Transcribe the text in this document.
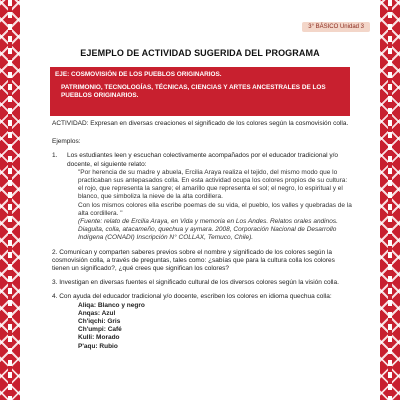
3° BÁSICO Unidad 3
EJEMPLO DE ACTIVIDAD SUGERIDA DEL PROGRAMA

EJE: COSMOVISIÓN DE LOS PUEBLOS ORIGINARIOS.

PATRIMONIO, TECNOLOGÍAS, TÉCNICAS, CIENCIAS Y ARTES ANCESTRALES DE LOS PUEBLOS ORIGINARIOS.

ACTIVIDAD: Expresan en diversas creaciones el significado de los colores según la cosmovisión colla.

Ejemplos:

1. Los estudiantes leen y escuchan colectivamente acompañados por el educador tradicional y/o docente, el siguiente relato:

"Por herencia de su madre y abuela, Ercilia Araya realiza el tejido, del mismo modo que lo practicaban sus antepasados colla. En esta actividad ocupa los colores propios de su cultura: el rojo, que representa la sangre; el amarillo que representa el sol; el negro, lo espiritual y el blanco, que simboliza la nieve de la alta cordillera.

Con los mismos colores ella escribe poemas de su vida, el pueblo, los valles y quebradas de la alta cordillera. "

(Fuente: relato de Ercilia Araya, en Vida y memoria en Los Andes. Relatos orales andinos. Diaguita, colla, atacameño, quechua y aymara. 2008, Corporación Nacional de Desarrollo Indígena (CONADI) Inscripción N° COLLAX, Temuco, Chile).

2. Comunican y comparten saberes previos sobre el nombre y significado de los colores según la cosmovisión colla, a través de preguntas, tales como: ¿sabías que para la cultura colla los colores tienen un significado?, ¿qué crees que significan los colores?

3. Investigan en diversas fuentes el significado cultural de los diversos colores según la visión colla.

4. Con ayuda del educador tradicional y/o docente, escriben los colores en idioma quechua colla:

Aliqa: Blanco y negro

Anqas: Azul

Ch'iqchi: Gris

Ch'umpi: Café

Kulli: Morado

P'aqu: Rubio
